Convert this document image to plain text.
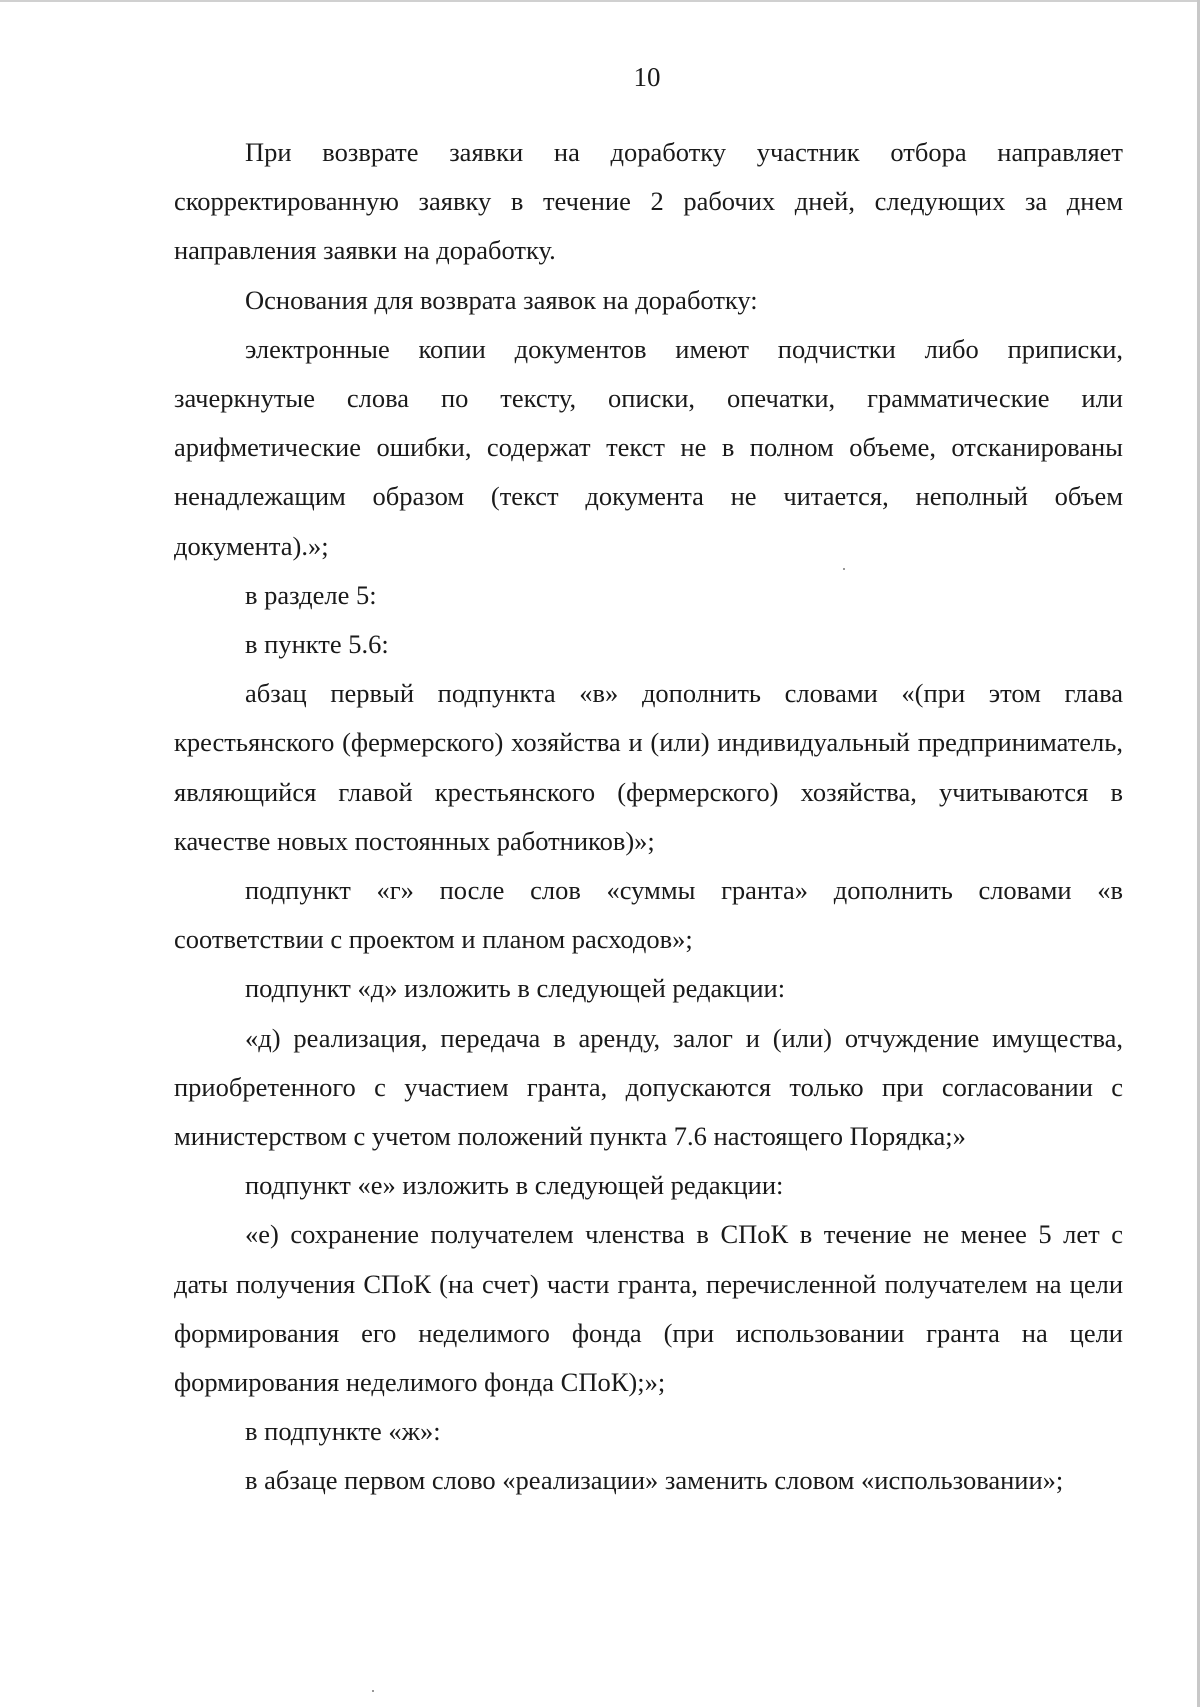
10

При возврате заявки на доработку участник отбора направляет скорректированную заявку в течение 2 рабочих дней, следующих за днем направления заявки на доработку.

Основания для возврата заявок на доработку:

электронные копии документов имеют подчистки либо приписки, зачеркнутые слова по тексту, описки, опечатки, грамматические или арифметические ошибки, содержат текст не в полном объеме, отсканированы ненадлежащим образом (текст документа не читается, неполный объем документа).»;

в разделе 5:

в пункте 5.6:

абзац первый подпункта «в» дополнить словами «(при этом глава крестьянского (фермерского) хозяйства и (или) индивидуальный предприниматель, являющийся главой крестьянского (фермерского) хозяйства, учитываются в качестве новых постоянных работников)»;

подпункт «г» после слов «суммы гранта» дополнить словами «в соответствии с проектом и планом расходов»;

подпункт «д» изложить в следующей редакции:

«д) реализация, передача в аренду, залог и (или) отчуждение имущества, приобретенного с участием гранта, допускаются только при согласовании с министерством с учетом положений пункта 7.6 настоящего Порядка;»

подпункт «е» изложить в следующей редакции:

«е) сохранение получателем членства в СПоК в течение не менее 5 лет с даты получения СПоК (на счет) части гранта, перечисленной получателем на цели формирования его неделимого фонда (при использовании гранта на цели формирования неделимого фонда СПоК);»;

в подпункте «ж»:

в абзаце первом слово «реализации» заменить словом «использовании»;
